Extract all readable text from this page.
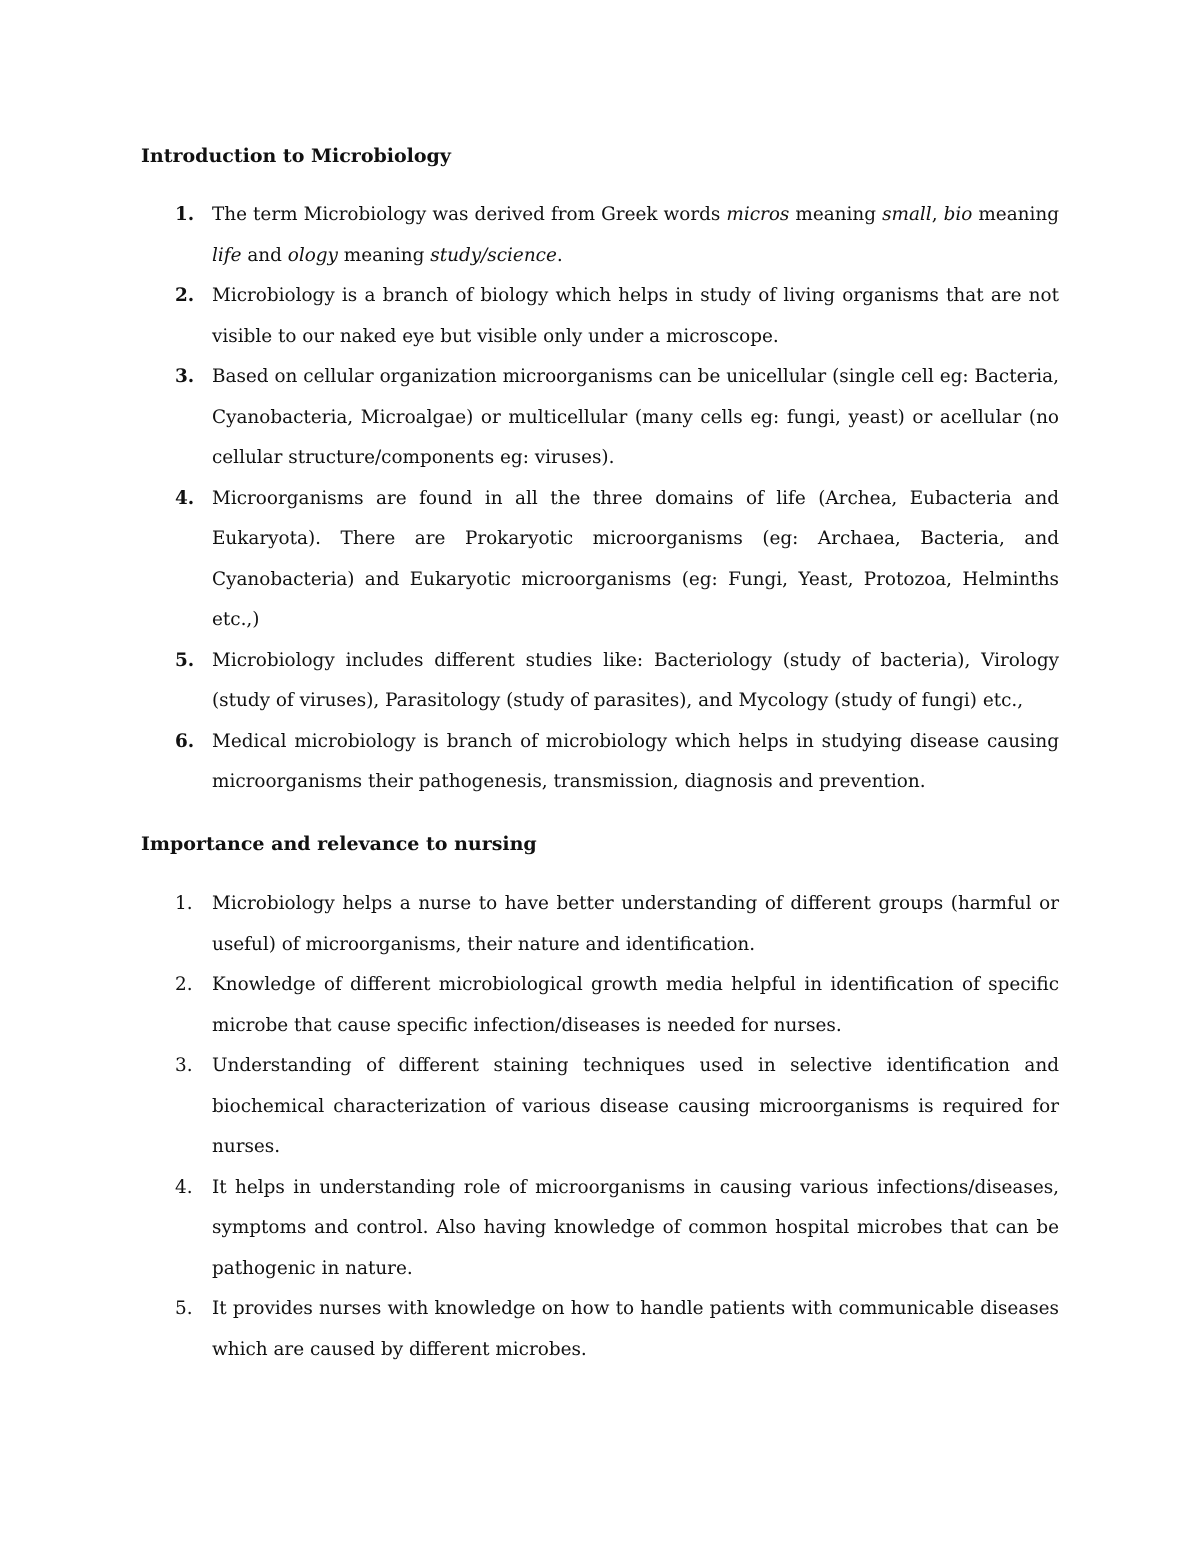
Introduction to Microbiology
1. The term Microbiology was derived from Greek words micros meaning small, bio meaning life and ology meaning study/science.
2. Microbiology is a branch of biology which helps in study of living organisms that are not visible to our naked eye but visible only under a microscope.
3. Based on cellular organization microorganisms can be unicellular (single cell eg: Bacteria, Cyanobacteria, Microalgae) or multicellular (many cells eg: fungi, yeast) or acellular (no cellular structure/components eg: viruses).
4. Microorganisms are found in all the three domains of life (Archea, Eubacteria and Eukaryota). There are Prokaryotic microorganisms (eg: Archaea, Bacteria, and Cyanobacteria) and Eukaryotic microorganisms (eg: Fungi, Yeast, Protozoa, Helminths etc.,)
5. Microbiology includes different studies like: Bacteriology (study of bacteria), Virology (study of viruses), Parasitology (study of parasites), and Mycology (study of fungi) etc.,
6. Medical microbiology is branch of microbiology which helps in studying disease causing microorganisms their pathogenesis, transmission, diagnosis and prevention.
Importance and relevance to nursing
1. Microbiology helps a nurse to have better understanding of different groups (harmful or useful) of microorganisms, their nature and identification.
2. Knowledge of different microbiological growth media helpful in identification of specific microbe that cause specific infection/diseases is needed for nurses.
3. Understanding of different staining techniques used in selective identification and biochemical characterization of various disease causing microorganisms is required for nurses.
4. It helps in understanding role of microorganisms in causing various infections/diseases, symptoms and control. Also having knowledge of common hospital microbes that can be pathogenic in nature.
5. It provides nurses with knowledge on how to handle patients with communicable diseases which are caused by different microbes.
